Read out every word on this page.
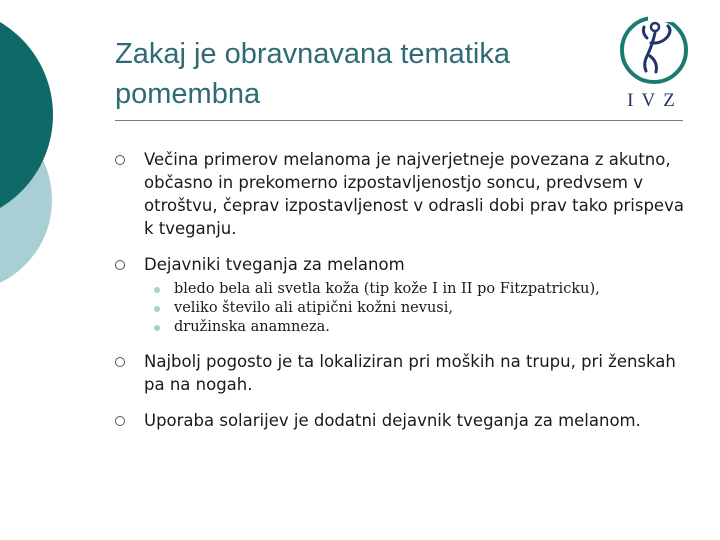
Zakaj je obravnavana tematika pomembna	IVZ
Večina primerov melanoma je najverjetneje povezana z akutno, občasno in prekomerno izpostavljenostjo soncu, predvsem v otroštvu, čeprav izpostavljenost v odrasli dobi prav tako prispeva k tveganju.
Dejavniki tveganja za melanom
bledo bela ali svetla koža (tip kože I in II po Fitzpatricku),
veliko število ali atipični kožni nevusi,
družinska anamneza.
Najbolj pogosto je ta lokaliziran pri moških na trupu, pri ženskah pa na nogah.
Uporaba solarijev je dodatni dejavnik tveganja za melanom.
